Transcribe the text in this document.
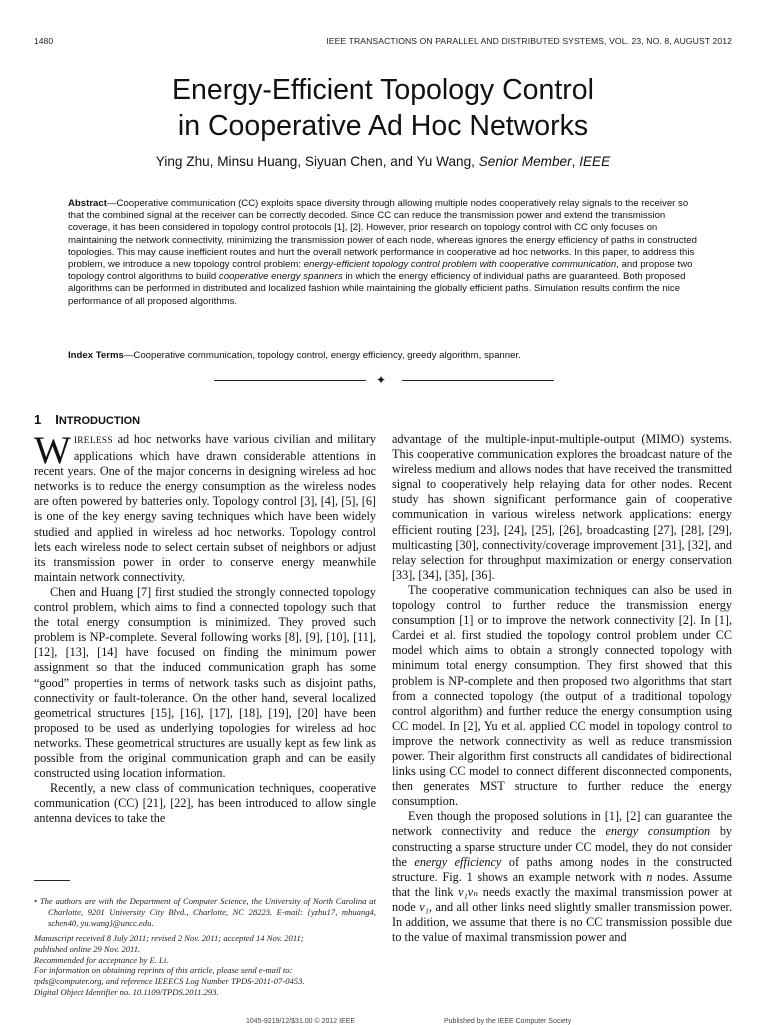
1480	IEEE TRANSACTIONS ON PARALLEL AND DISTRIBUTED SYSTEMS, VOL. 23, NO. 8, AUGUST 2012
Energy-Efficient Topology Control
in Cooperative Ad Hoc Networks
Ying Zhu, Minsu Huang, Siyuan Chen, and Yu Wang, Senior Member, IEEE

Abstract—Cooperative communication (CC) exploits space diversity through allowing multiple nodes cooperatively relay signals to the receiver so that the combined signal at the receiver can be correctly decoded. Since CC can reduce the transmission power and extend the transmission coverage, it has been considered in topology control protocols [1], [2]. However, prior research on topology control with CC only focuses on maintaining the network connectivity, minimizing the transmission power of each node, whereas ignores the energy efficiency of paths in constructed topologies. This may cause inefficient routes and hurt the overall network performance in cooperative ad hoc networks. In this paper, to address this problem, we introduce a new topology control problem: energy-efficient topology control problem with cooperative communication, and propose two topology control algorithms to build cooperative energy spanners in which the energy efficiency of individual paths are guaranteed. Both proposed algorithms can be performed in distributed and localized fashion while maintaining the globally efficient paths. Simulation results confirm the nice performance of all proposed algorithms.

Index Terms—Cooperative communication, topology control, energy efficiency, greedy algorithm, spanner.
✦
1 INTRODUCTION

WIRELESS ad hoc networks have various civilian and military applications which have drawn considerable attentions in recent years. One of the major concerns in designing wireless ad hoc networks is to reduce the energy consumption as the wireless nodes are often powered by batteries only. Topology control [3], [4], [5], [6] is one of the key energy saving techniques which have been widely studied and applied in wireless ad hoc networks. Topology control lets each wireless node to select certain subset of neighbors or adjust its transmission power in order to conserve energy meanwhile maintain network connectivity.

Chen and Huang [7] first studied the strongly connected topology control problem, which aims to find a connected topology such that the total energy consumption is minimized. They proved such problem is NP-complete. Several following works [8], [9], [10], [11], [12], [13], [14] have focused on finding the minimum power assignment so that the induced communication graph has some “good” properties in terms of network tasks such as disjoint paths, connectivity or fault-tolerance. On the other hand, several localized geometrical structures [15], [16], [17], [18], [19], [20] have been proposed to be used as underlying topologies for wireless ad hoc networks. These geometrical structures are usually kept as few link as possible from the original communication graph and can be easily constructed using location information.

Recently, a new class of communication techniques, cooperative communication (CC) [21], [22], has been introduced to allow single antenna devices to take the

advantage of the multiple-input-multiple-output (MIMO) systems. This cooperative communication explores the broadcast nature of the wireless medium and allows nodes that have received the transmitted signal to cooperatively help relaying data for other nodes. Recent study has shown significant performance gain of cooperative communication in various wireless network applications: energy efficient routing [23], [24], [25], [26], broadcasting [27], [28], [29], multicasting [30], connectivity/coverage improvement [31], [32], and relay selection for throughput maximization or energy conservation [33], [34], [35], [36].

The cooperative communication techniques can also be used in topology control to further reduce the transmission energy consumption [1] or to improve the network connectivity [2]. In [1], Cardei et al. first studied the topology control problem under CC model which aims to obtain a strongly connected topology with minimum total energy consumption. They first showed that this problem is NP-complete and then proposed two algorithms that start from a connected topology (the output of a traditional topology control algorithm) and further reduce the energy consumption using CC model. In [2], Yu et al. applied CC model in topology control to improve the network connectivity as well as reduce transmission power. Their algorithm first constructs all candidates of bidirectional links using CC model to connect different disconnected components, then generates MST structure to further reduce the energy consumption.

Even though the proposed solutions in [1], [2] can guarantee the network connectivity and reduce the energy consumption by constructing a sparse structure under CC model, they do not consider the energy efficiency of paths among nodes in the constructed structure. Fig. 1 shows an example network with n nodes. Assume that the link v₁vₙ needs exactly the maximal transmission power at node v₁, and all other links need slightly smaller transmission power. In addition, we assume that there is no CC transmission possible due to the value of maximal transmission power and

• The authors are with the Department of Computer Science, the University of North Carolina at Charlotte, 9201 University City Blvd., Charlotte, NC 28223. E-mail: {yzhu17, mhuang4, schen40, yu.wang}@uncc.edu.

Manuscript received 8 July 2011; revised 2 Nov. 2011; accepted 14 Nov. 2011;

published online 29 Nov. 2011.

Recommended for acceptance by E. Li.

For information on obtaining reprints of this article, please send e-mail to:

tpds@computer.org, and reference IEEECS Log Number TPDS-2011-07-0453.

Digital Object Identifier no. 10.1109/TPDS.2011.293.

1045-9219/12/$31.00 © 2012 IEEE	Published by the IEEE Computer Society
